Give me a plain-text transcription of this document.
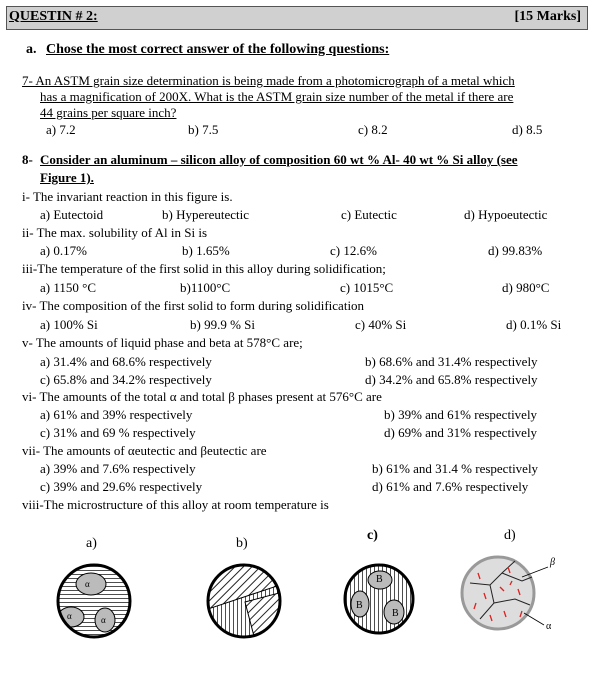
QUESTIN # 2:	[15 Marks]
a. Chose the most correct answer of the following questions:
7- An ASTM grain size determination is being made from a photomicrograph of a metal which
has a magnification of 200X. What is the ASTM grain size number of the metal if there are
44 grains per square inch?
a) 7.2	b) 7.5	c) 8.2	d) 8.5
8- Consider an aluminum – silicon alloy of composition 60 wt % Al- 40 wt % Si alloy (see
Figure 1).
i- The invariant reaction in this figure is.
a) Eutectoid	b) Hypereutectic	c) Eutectic	d) Hypoeutectic
ii- The max. solubility of Al in Si is
a) 0.17%	b) 1.65%	c) 12.6%	d) 99.83%
iii-The temperature of the first solid in this alloy during solidification;
a) 1150 °C	b)1100°C	c) 1015°C	d) 980°C
iv- The composition of the first solid to form during solidification
a) 100% Si	b) 99.9 % Si	c) 40% Si	d) 0.1% Si
v- The amounts of liquid phase and beta at 578°C are;
a) 31.4% and 68.6% respectively	b) 68.6% and 31.4% respectively
c) 65.8% and 34.2% respectively	d) 34.2% and 65.8% respectively
vi- The amounts of the total α and total β phases present at 576°C are
a) 61% and 39% respectively	b) 39% and 61% respectively
c) 31% and 69 % respectively	d) 69% and 31% respectively
vii- The amounts of αeutectic and βeutectic are
a) 39% and 7.6% respectively	b) 61% and 31.4 % respectively
c) 39% and 29.6% respectively	d) 61% and 7.6% respectively
viii-The microstructure of this alloy at room temperature is
a)	b)
c)	d)
α
α	α
B
B
B
β
α
